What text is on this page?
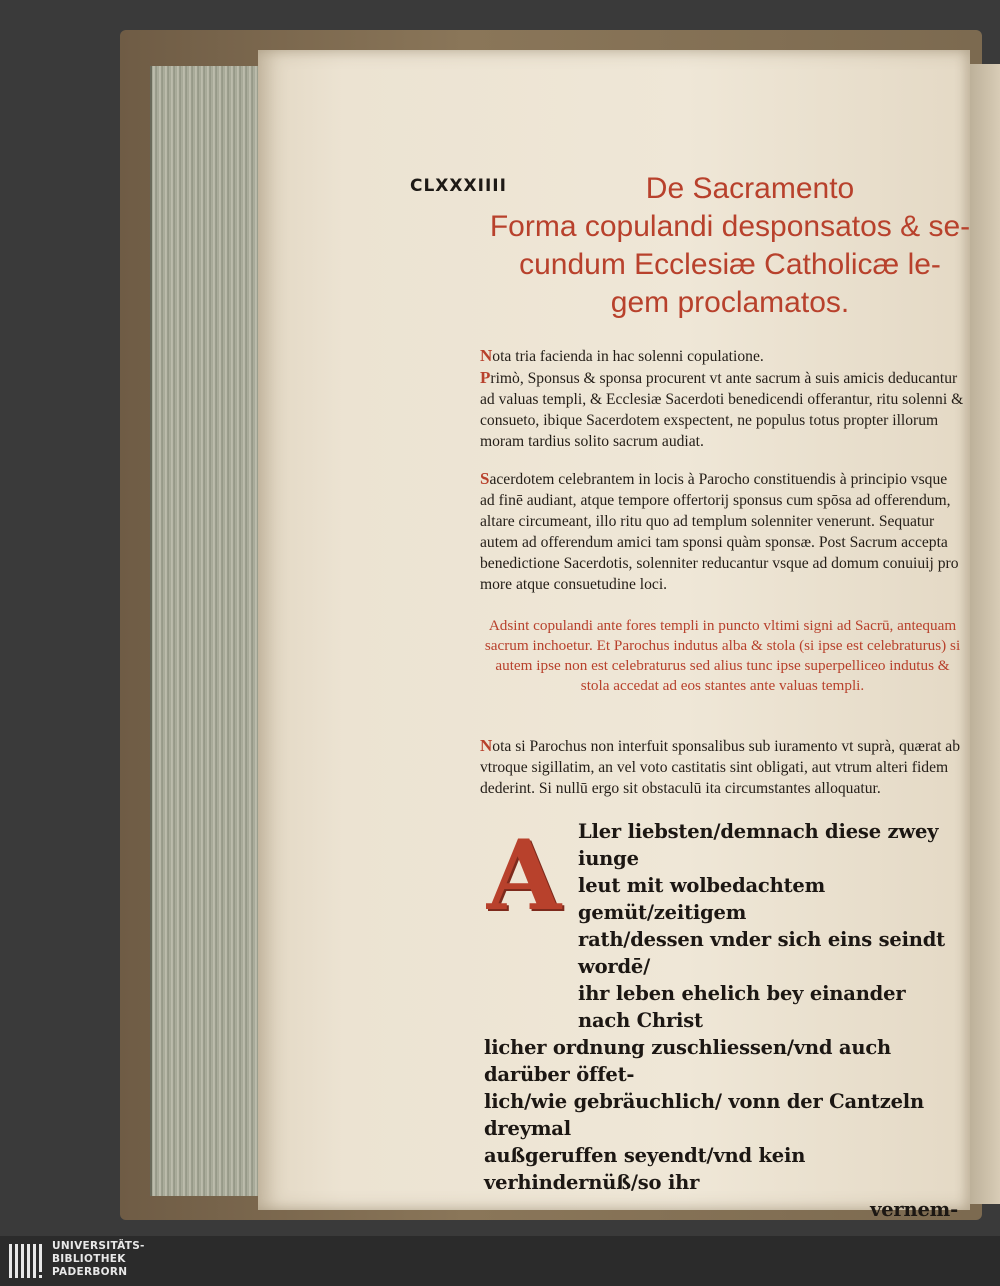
CLXXXIIII	De Sacramento
Forma copulandi desponsatos & se-
cundum Ecclesiæ Catholicæ le-
gem proclamatos.
Nota tria facienda in hac solenni copulatione.
Primò, Sponsus & sponsa procurent vt ante sacrum à suis amicis deducantur ad valuas templi, & Ecclesiæ Sacerdoti benedicendi offerantur, ritu solenni & consueto, ibique Sacerdotem exspectent, ne populus totus propter illorum moram tardius solito sacrum audiat.
Sacerdotem celebrantem in locis à Parocho constituendis à principio vsque ad finē audiant, atque tempore offertorij sponsus cum spōsa ad offerendum, altare circumeant, illo ritu quo ad templum solenniter venerunt. Sequatur autem ad offerendum amici tam sponsi quàm sponsæ. Post Sacrum accepta benedictione Sacerdotis, solenniter reducantur vsque ad domum conuiuij pro more atque consuetudine loci.
Adsint copulandi ante fores templi in puncto vltimi signi ad Sacrū, antequam sacrum inchoetur. Et Parochus indutus alba & stola (si ipse est celebraturus) si autem ipse non est celebraturus sed alius tunc ipse superpelliceo indutus & stola accedat ad eos stantes ante valuas templi.
Nota si Parochus non interfuit sponsalibus sub iuramento vt suprà, quærat ab vtroque sigillatim, an vel voto castitatis sint obligati, aut vtrum alteri fidem dederint. Si nullū ergo sit obstaculū ita circumstantes alloquatur.
A Ller liebsten/demnach diese zwey iunge
leut mit wolbedachtem gemüt/zeitigem
rath/dessen vnder sich eins seindt wordē/
ihr leben ehelich bey einander nach Christ
licher ordnung zuschliessen/vnd auch darüber öffet-
lich/wie gebräuchlich/ vonn der Cantzeln dreymal
außgeruffen seyendt/vnd kein verhindernüß/so ihr
vernem-
UNIVERSITÄTS-
BIBLIOTHEK
PADERBORN
